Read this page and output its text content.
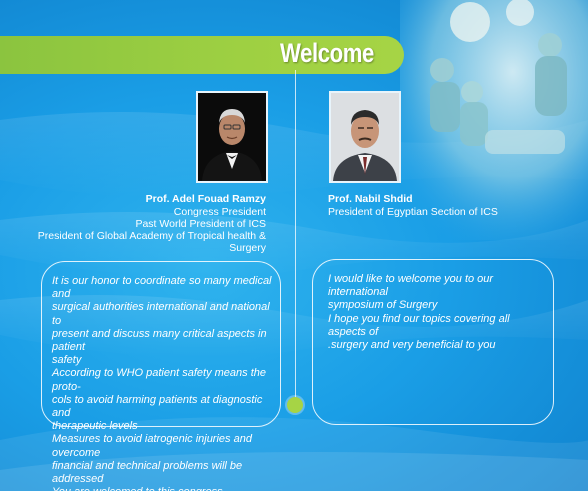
Welcome
Prof. Adel Fouad Ramzy
Congress President
Past World President of ICS
President of Global Academy of Tropical health & Surgery
Prof. Nabil Shdid
President of Egyptian Section of ICS

It is our honor to coordinate so many medical and

surgical authorities international and national to

present and discuss many critical aspects in patient

safety

According to WHO patient safety means the proto-

cols to avoid harming patients at diagnostic and

therapeutic levels

Measures to avoid iatrogenic injuries and overcome

financial and technical problems will be addressed

You are welcomed to this congress

I would like to welcome you to our international

symposium of Surgery

I hope you find our topics covering all aspects of

.surgery and very beneficial to you
